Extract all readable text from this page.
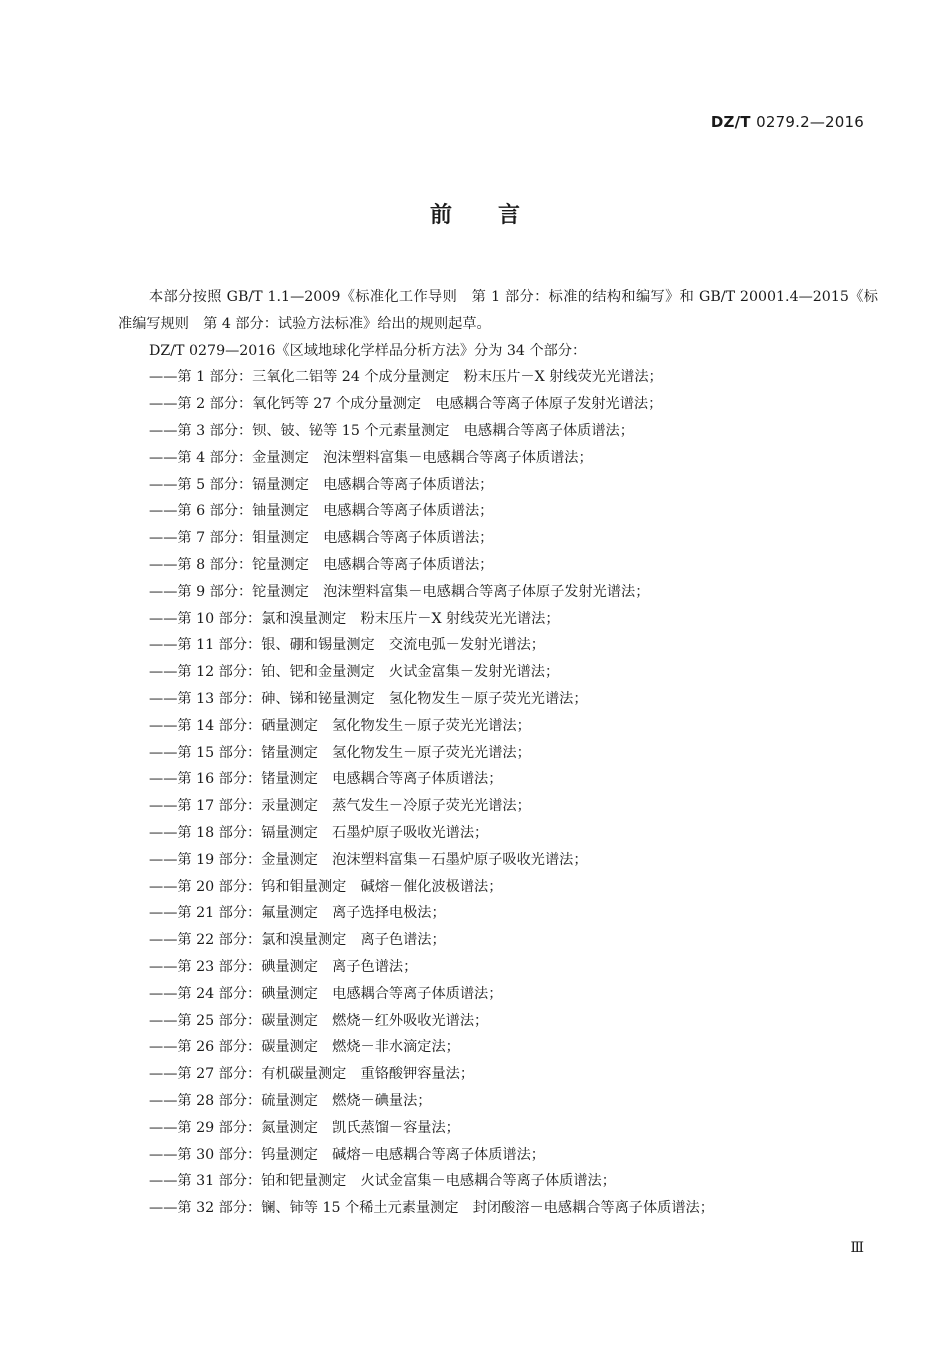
DZ/T 0279.2—2016
前言

本部分按照 GB/T 1.1—2009《标准化工作导则　第 1 部分：标准的结构和编写》和 GB/T 20001.4—2015《标准编写规则　第 4 部分：试验方法标准》给出的规则起草。

DZ/T 0279—2016《区域地球化学样品分析方法》分为 34 个部分：

——第 1 部分：三氧化二铝等 24 个成分量测定　粉末压片－X 射线荧光光谱法；
——第 2 部分：氧化钙等 27 个成分量测定　电感耦合等离子体原子发射光谱法；
——第 3 部分：钡、铍、铋等 15 个元素量测定　电感耦合等离子体质谱法；
——第 4 部分：金量测定　泡沫塑料富集－电感耦合等离子体质谱法；
——第 5 部分：镉量测定　电感耦合等离子体质谱法；
——第 6 部分：铀量测定　电感耦合等离子体质谱法；
——第 7 部分：钼量测定　电感耦合等离子体质谱法；
——第 8 部分：铊量测定　电感耦合等离子体质谱法；
——第 9 部分：铊量测定　泡沫塑料富集－电感耦合等离子体原子发射光谱法；
——第 10 部分：氯和溴量测定　粉末压片－X 射线荧光光谱法；
——第 11 部分：银、硼和锡量测定　交流电弧－发射光谱法；
——第 12 部分：铂、钯和金量测定　火试金富集－发射光谱法；
——第 13 部分：砷、锑和铋量测定　氢化物发生－原子荧光光谱法；
——第 14 部分：硒量测定　氢化物发生－原子荧光光谱法；
——第 15 部分：锗量测定　氢化物发生－原子荧光光谱法；
——第 16 部分：锗量测定　电感耦合等离子体质谱法；
——第 17 部分：汞量测定　蒸气发生－冷原子荧光光谱法；
——第 18 部分：镉量测定　石墨炉原子吸收光谱法；
——第 19 部分：金量测定　泡沫塑料富集－石墨炉原子吸收光谱法；
——第 20 部分：钨和钼量测定　碱熔－催化波极谱法；
——第 21 部分：氟量测定　离子选择电极法；
——第 22 部分：氯和溴量测定　离子色谱法；
——第 23 部分：碘量测定　离子色谱法；
——第 24 部分：碘量测定　电感耦合等离子体质谱法；
——第 25 部分：碳量测定　燃烧－红外吸收光谱法；
——第 26 部分：碳量测定　燃烧－非水滴定法；
——第 27 部分：有机碳量测定　重铬酸钾容量法；
——第 28 部分：硫量测定　燃烧－碘量法；
——第 29 部分：氮量测定　凯氏蒸馏－容量法；
——第 30 部分：钨量测定　碱熔－电感耦合等离子体质谱法；
——第 31 部分：铂和钯量测定　火试金富集－电感耦合等离子体质谱法；
——第 32 部分：镧、铈等 15 个稀土元素量测定　封闭酸溶－电感耦合等离子体质谱法；
Ⅲ
